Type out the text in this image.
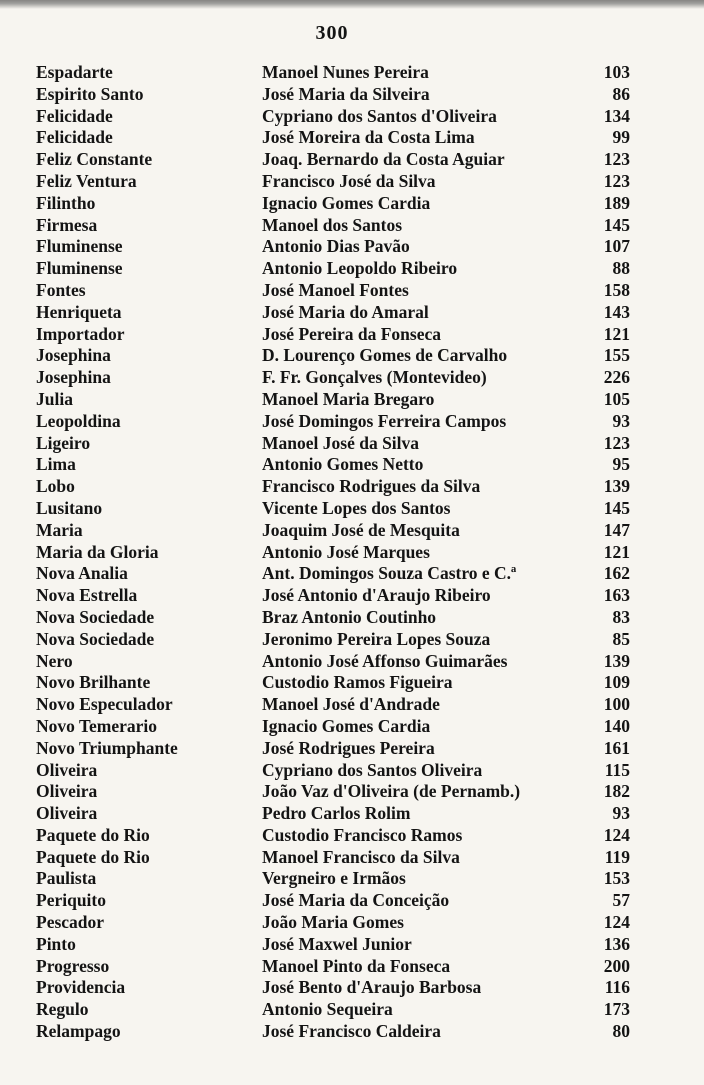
300
Espadarte	Manoel Nunes Pereira	103
Espirito Santo	José Maria da Silveira	86
Felicidade	Cypriano dos Santos d'Oliveira	134
Felicidade	José Moreira da Costa Lima	99
Feliz Constante	Joaq. Bernardo da Costa Aguiar	123
Feliz Ventura	Francisco José da Silva	123
Filintho	Ignacio Gomes Cardia	189
Firmesa	Manoel dos Santos	145
Fluminense	Antonio Dias Pavão	107
Fluminense	Antonio Leopoldo Ribeiro	88
Fontes	José Manoel Fontes	158
Henriqueta	José Maria do Amaral	143
Importador	José Pereira da Fonseca	121
Josephina	D. Lourenço Gomes de Carvalho	155
Josephina	F. Fr. Gonçalves (Montevideo)	226
Julia	Manoel Maria Bregaro	105
Leopoldina	José Domingos Ferreira Campos	93
Ligeiro	Manoel José da Silva	123
Lima	Antonio Gomes Netto	95
Lobo	Francisco Rodrigues da Silva	139
Lusitano	Vicente Lopes dos Santos	145
Maria	Joaquim José de Mesquita	147
Maria da Gloria	Antonio José Marques	121
Nova Analia	Ant. Domingos Souza Castro e C.ª	162
Nova Estrella	José Antonio d'Araujo Ribeiro	163
Nova Sociedade	Braz Antonio Coutinho	83
Nova Sociedade	Jeronimo Pereira Lopes Souza	85
Nero	Antonio José Affonso Guimarães	139
Novo Brilhante	Custodio Ramos Figueira	109
Novo Especulador	Manoel José d'Andrade	100
Novo Temerario	Ignacio Gomes Cardia	140
Novo Triumphante	José Rodrigues Pereira	161
Oliveira	Cypriano dos Santos Oliveira	115
Oliveira	João Vaz d'Oliveira (de Pernamb.)	182
Oliveira	Pedro Carlos Rolim	93
Paquete do Rio	Custodio Francisco Ramos	124
Paquete do Rio	Manoel Francisco da Silva	119
Paulista	Vergneiro e Irmãos	153
Periquito	José Maria da Conceição	57
Pescador	João Maria Gomes	124
Pinto	José Maxwel Junior	136
Progresso	Manoel Pinto da Fonseca	200
Providencia	José Bento d'Araujo Barbosa	116
Regulo	Antonio Sequeira	173
Relampago	José Francisco Caldeira	80
